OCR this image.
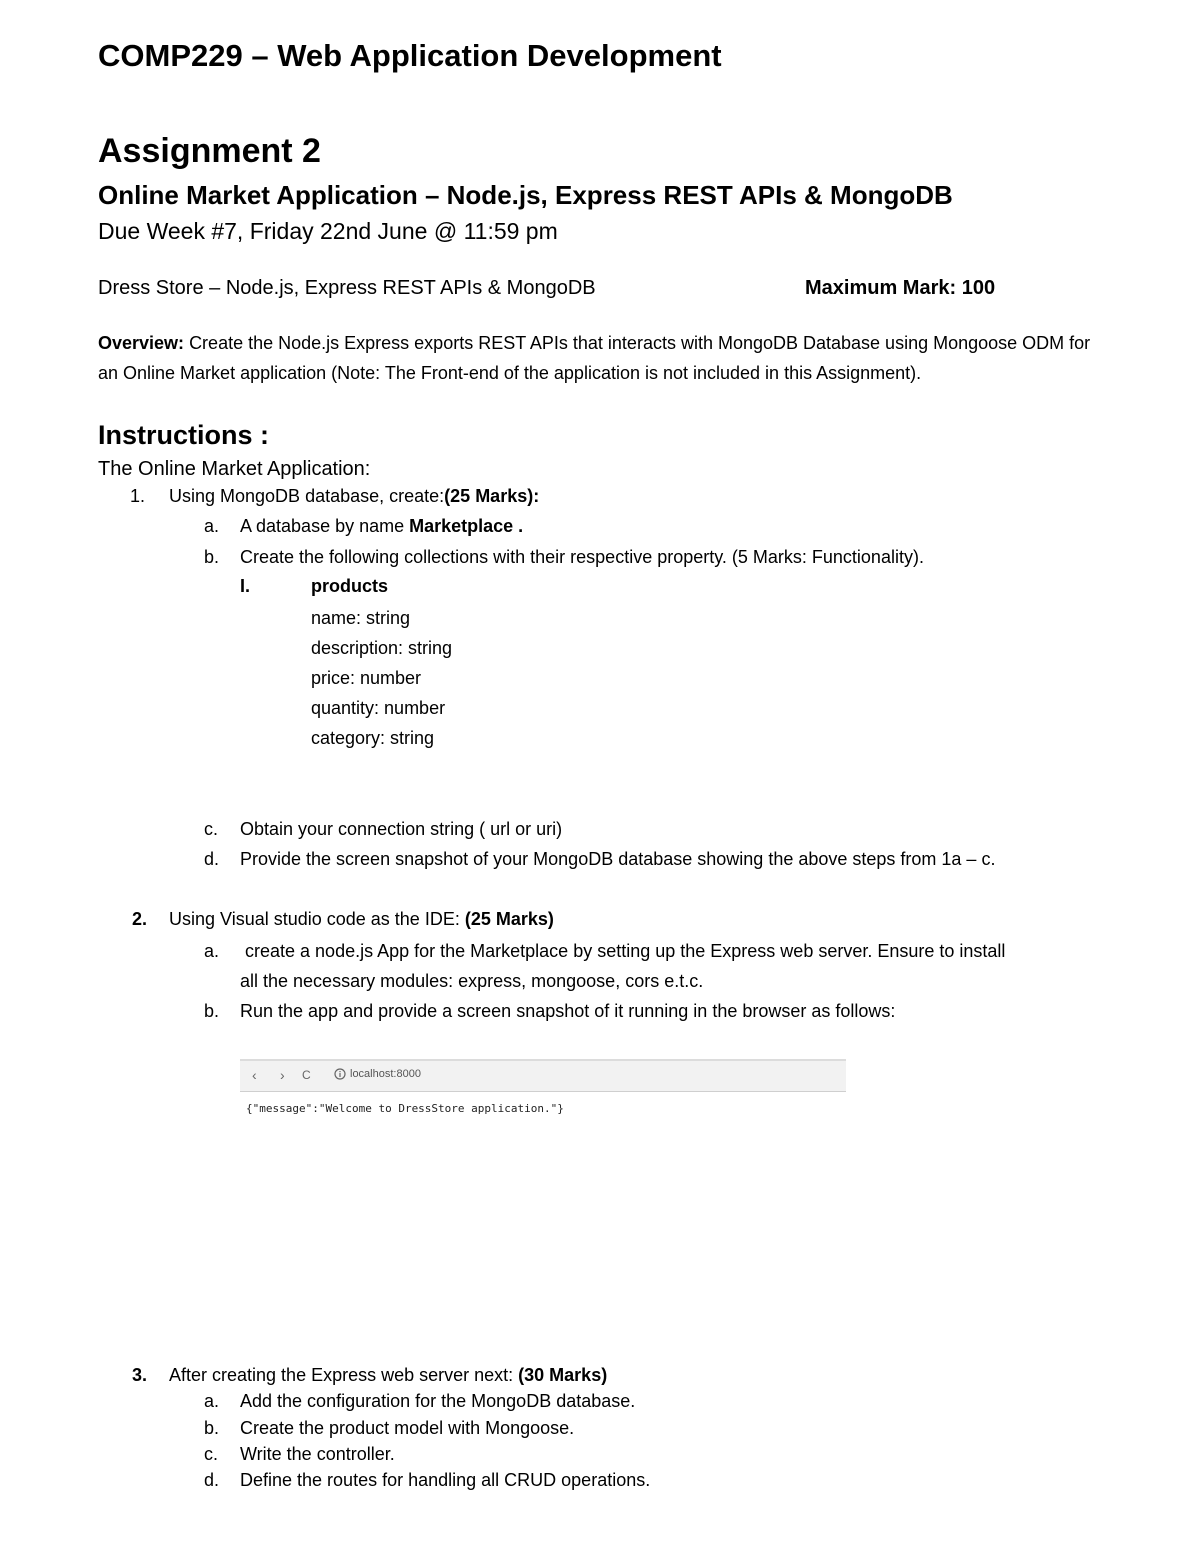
COMP229 – Web Application Development
Assignment 2
Online Market Application – Node.js, Express REST APIs & MongoDB
Due Week #7, Friday 22nd June @ 11:59 pm
Dress Store – Node.js, Express REST APIs & MongoDB	Maximum Mark: 100
Overview: Create the Node.js Express exports REST APIs that interacts with MongoDB Database using Mongoose ODM for an Online Market application (Note: The Front-end of the application is not included in this Assignment).
Instructions :
The Online Market Application:
1. Using MongoDB database, create:(25 Marks):
a. A database by name Marketplace .
b. Create the following collections with their respective property. (5 Marks: Functionality).
I.	products
name: string
description: string
price: number
quantity: number
category: string
c. Obtain your connection string ( url or uri)
d. Provide the screen snapshot of your MongoDB database showing the above steps from 1a – c.
2. Using Visual studio code as the IDE: (25 Marks)
a. create a node.js App for the Marketplace by setting up the Express web server. Ensure to install
all the necessary modules: express, mongoose, cors e.t.c.
b. Run the app and provide a screen snapshot of it running in the browser as follows:
‹ › C	localhost:8000
{"message":"Welcome to DressStore application."}
3. After creating the Express web server next: (30 Marks)
a. Add the configuration for the MongoDB database.
b. Create the product model with Mongoose.
c. Write the controller.
d. Define the routes for handling all CRUD operations.
